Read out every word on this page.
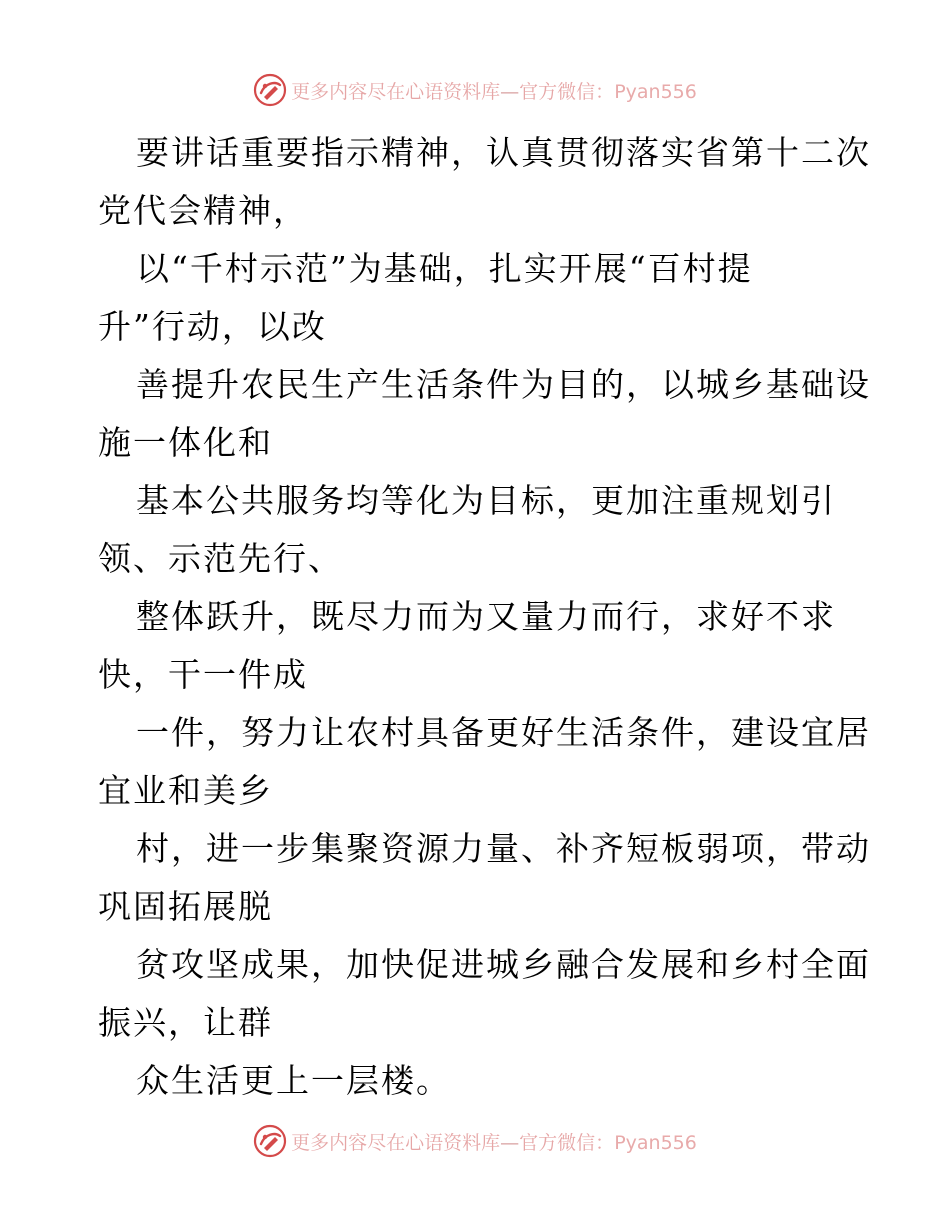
更多内容尽在心语资料库—官方微信：Pyan556
要讲话重要指示精神，认真贯彻落实省第十二次
党代会精神，
以“千村示范”为基础，扎实开展“百村提
升”行动，以改
善提升农民生产生活条件为目的，以城乡基础设
施一体化和
基本公共服务均等化为目标，更加注重规划引
领、示范先行、
整体跃升，既尽力而为又量力而行，求好不求
快，干一件成
一件，努力让农村具备更好生活条件，建设宜居
宜业和美乡
村，进一步集聚资源力量、补齐短板弱项，带动
巩固拓展脱
贫攻坚成果，加快促进城乡融合发展和乡村全面
振兴，让群
众生活更上一层楼。
更多内容尽在心语资料库—官方微信：Pyan556
